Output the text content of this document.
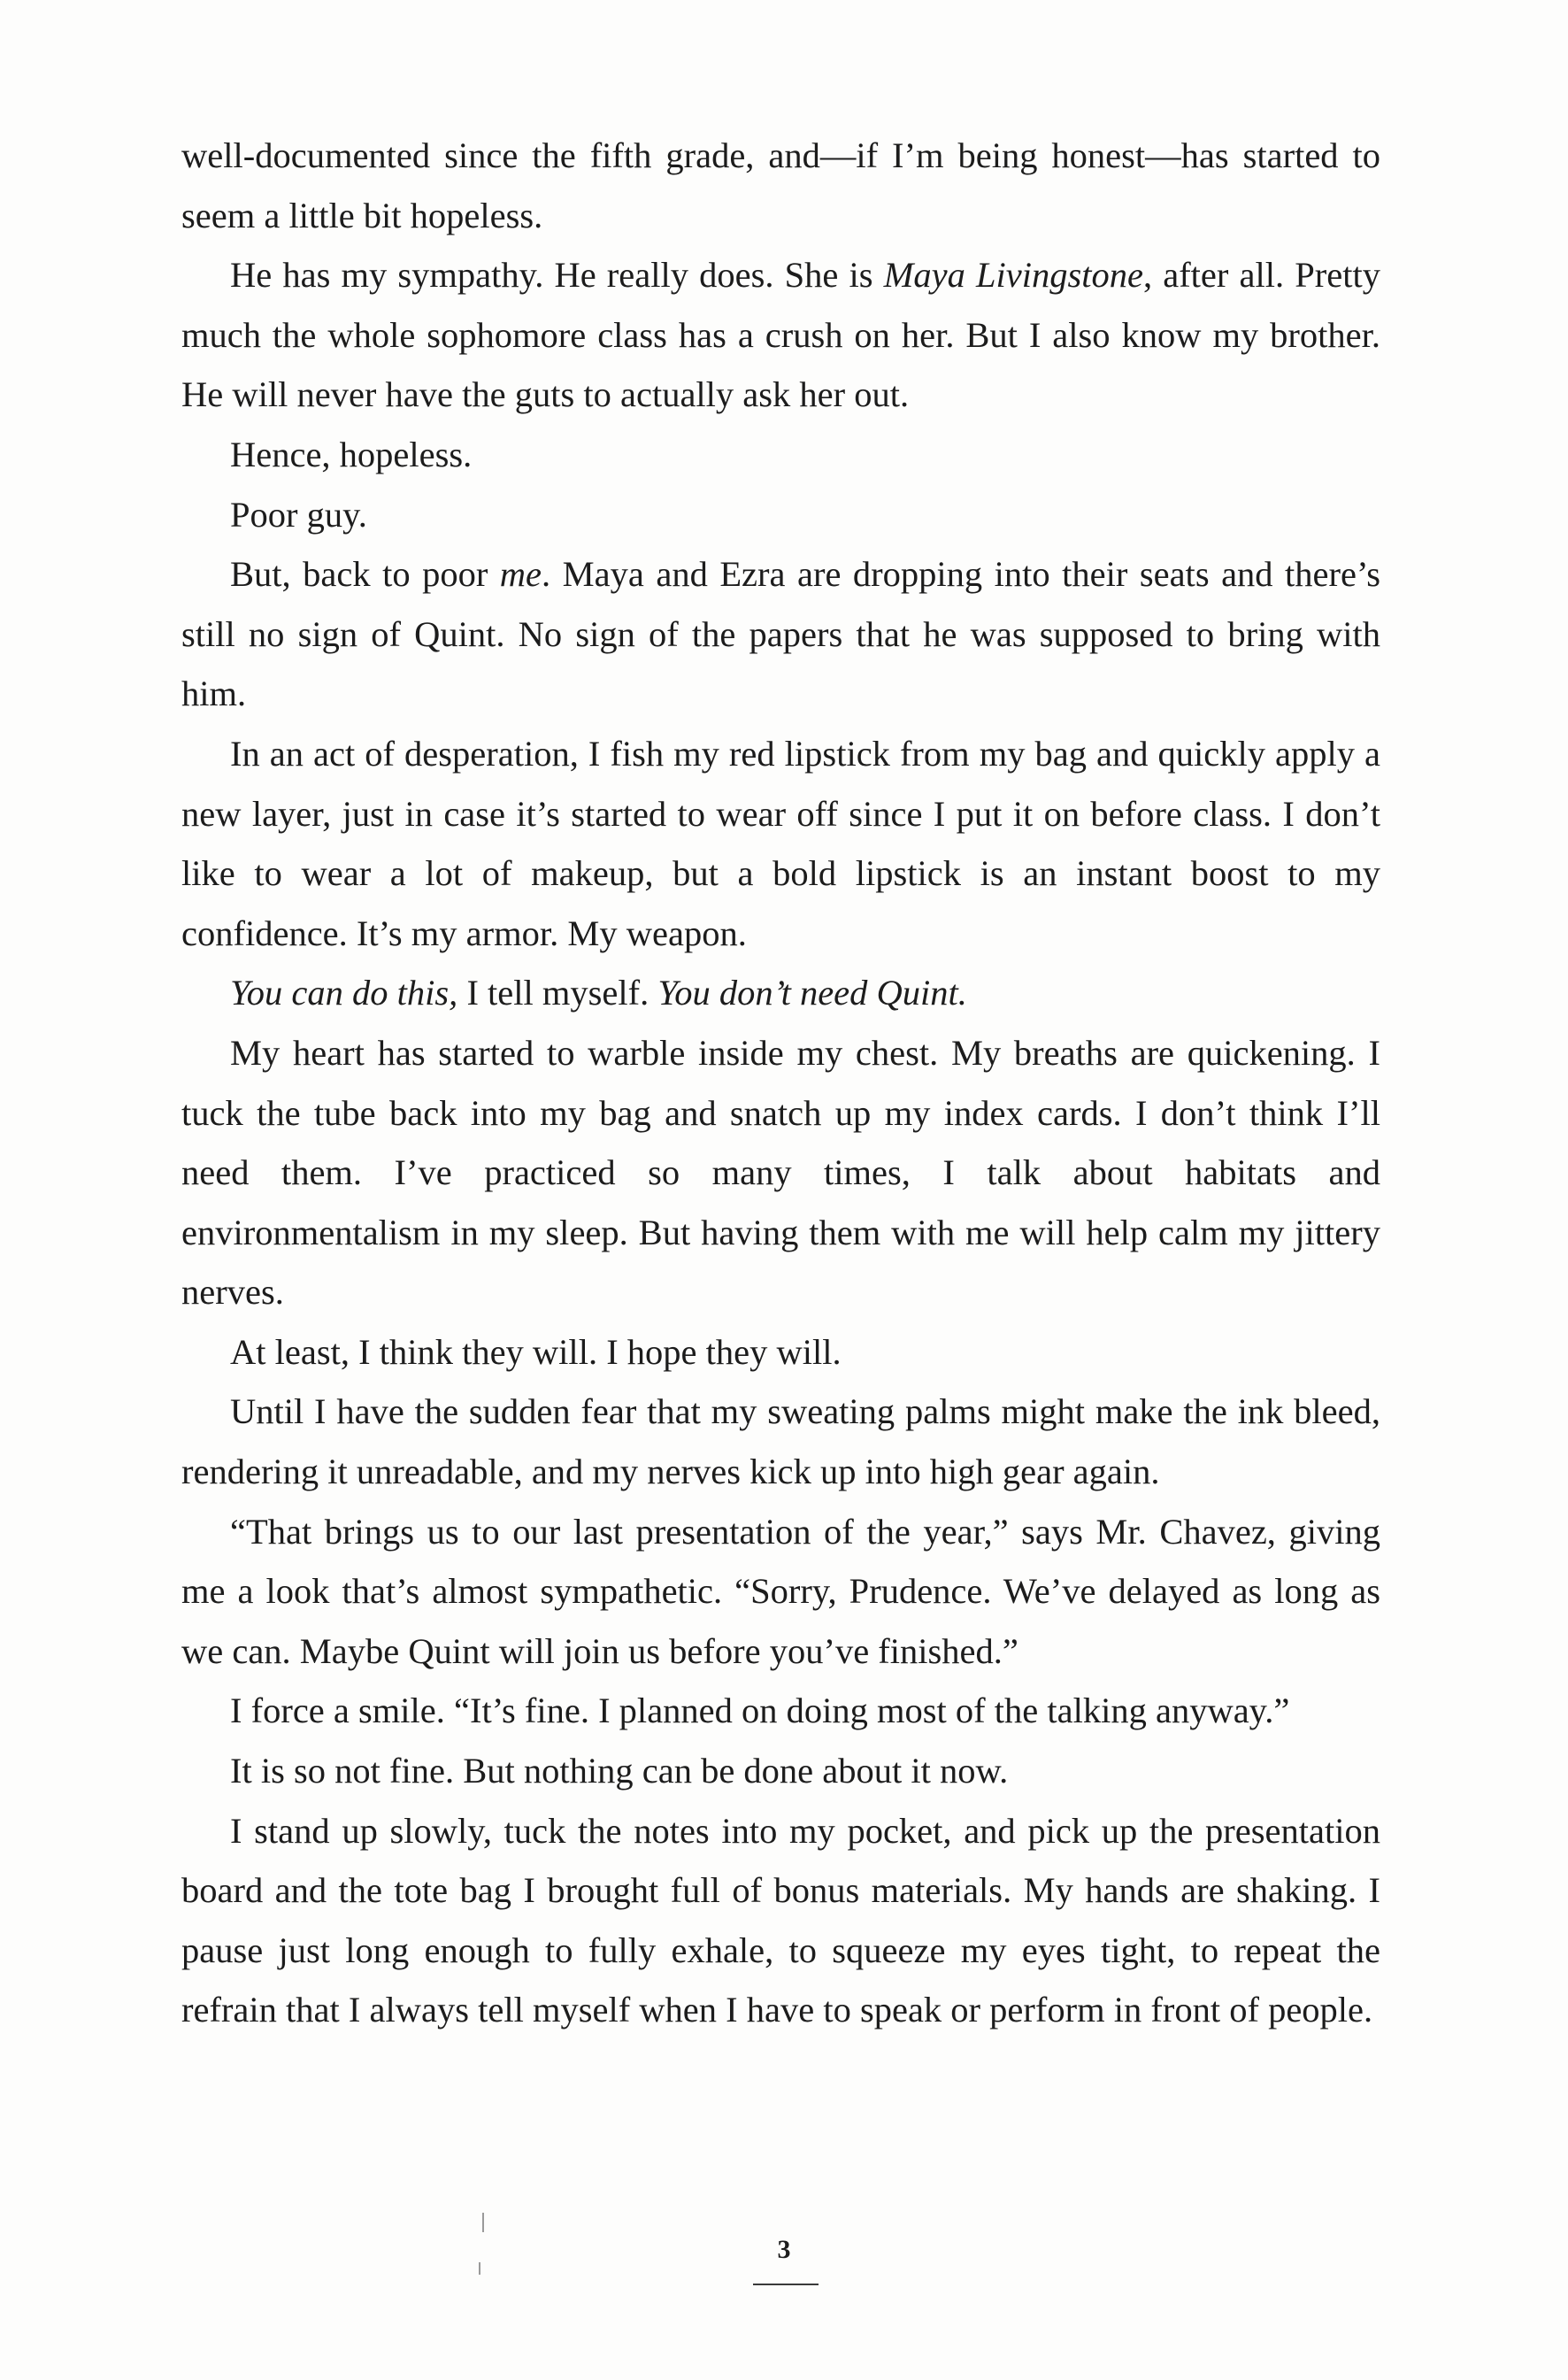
well-documented since the fifth grade, and—if I’m being honest—has started to seem a little bit hopeless.

He has my sympathy. He really does. She is Maya Livingstone, after all. Pretty much the whole sophomore class has a crush on her. But I also know my brother. He will never have the guts to actually ask her out.

Hence, hopeless.

Poor guy.

But, back to poor me. Maya and Ezra are dropping into their seats and there’s still no sign of Quint. No sign of the papers that he was supposed to bring with him.

In an act of desperation, I fish my red lipstick from my bag and quickly apply a new layer, just in case it’s started to wear off since I put it on before class. I don’t like to wear a lot of makeup, but a bold lipstick is an instant boost to my confidence. It’s my armor. My weapon.

You can do this, I tell myself. You don’t need Quint.

My heart has started to warble inside my chest. My breaths are quickening. I tuck the tube back into my bag and snatch up my index cards. I don’t think I’ll need them. I’ve practiced so many times, I talk about habitats and environmentalism in my sleep. But having them with me will help calm my jittery nerves.

At least, I think they will. I hope they will.

Until I have the sudden fear that my sweating palms might make the ink bleed, rendering it unreadable, and my nerves kick up into high gear again.

“That brings us to our last presentation of the year,” says Mr. Chavez, giving me a look that’s almost sympathetic. “Sorry, Prudence. We’ve delayed as long as we can. Maybe Quint will join us before you’ve finished.”

I force a smile. “It’s fine. I planned on doing most of the talking anyway.”

It is so not fine. But nothing can be done about it now.

I stand up slowly, tuck the notes into my pocket, and pick up the presentation board and the tote bag I brought full of bonus materials. My hands are shaking. I pause just long enough to fully exhale, to squeeze my eyes tight, to repeat the refrain that I always tell myself when I have to speak or perform in front of people.

3
